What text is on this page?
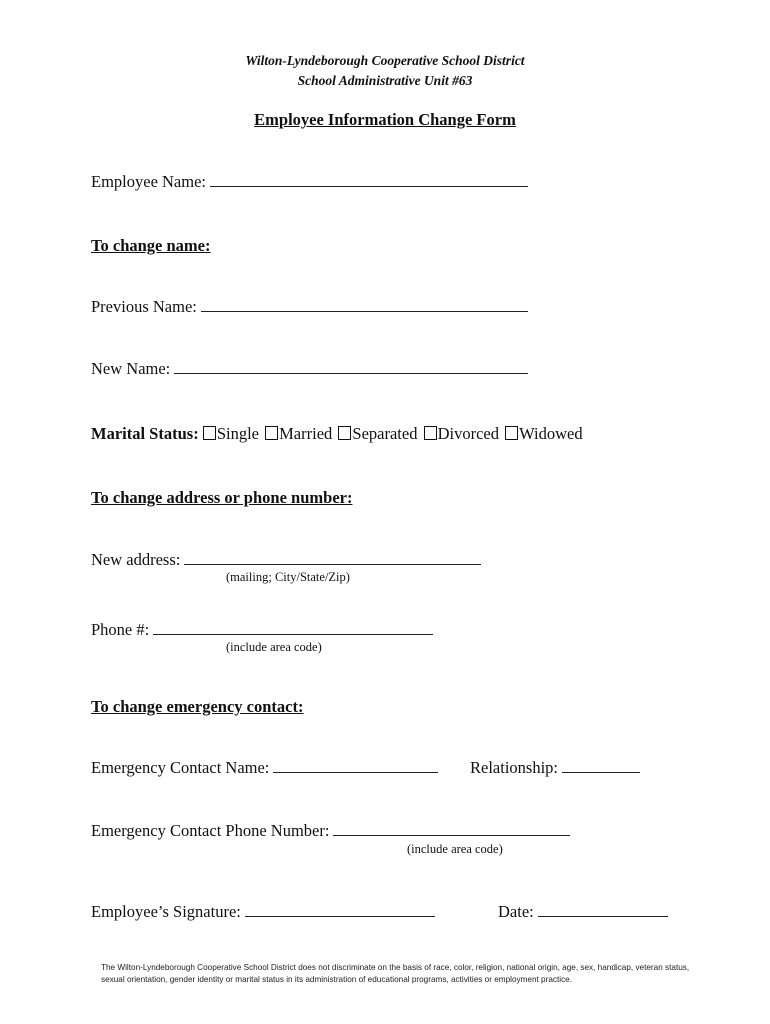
Wilton-Lyndeborough Cooperative School District
School Administrative Unit #63
Employee Information Change Form
Employee Name:
To change name:
Previous Name:
New Name:
Marital Status: Single Married Separated Divorced Widowed
To change address or phone number:
New address:
(mailing; City/State/Zip)
Phone #:
(include area code)
To change emergency contact:
Emergency Contact Name:	Relationship:
Emergency Contact Phone Number:
(include area code)
Employee’s Signature:	Date:
The Wilton-Lyndeborough Cooperative School District does not discriminate on the basis of race, color, religion, national origin, age, sex, handicap, veteran status,
sexual orientation, gender identity or marital status in its administration of educational programs, activities or employment practice.
